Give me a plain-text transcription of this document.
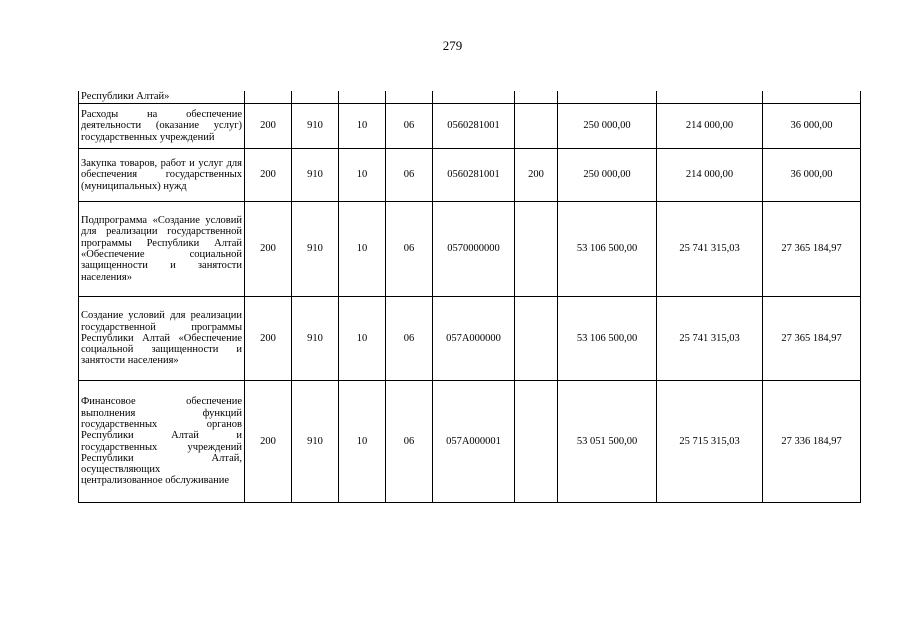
279
Республики Алтай»									
Расходы на обеспечение деятельности (оказание услуг) государственных учреждений	200	910	10	06	0560281001		250 000,00	214 000,00	36 000,00
Закупка товаров, работ и услуг для обеспечения государственных (муниципальных) нужд	200	910	10	06	0560281001	200	250 000,00	214 000,00	36 000,00
Подпрограмма «Создание условий для реализации государственной программы Республики Алтай «Обеспечение социальной защищенности и занятости населения»	200	910	10	06	0570000000		53 106 500,00	25 741 315,03	27 365 184,97
Создание условий для реализации государственной программы Республики Алтай «Обеспечение социальной защищенности и занятости населения»	200	910	10	06	057А000000		53 106 500,00	25 741 315,03	27 365 184,97
Финансовое обеспечение выполнения функций государственных органов Республики Алтай и государственных учреждений Республики Алтай, осуществляющих централизованное обслуживание	200	910	10	06	057А000001		53 051 500,00	25 715 315,03	27 336 184,97
